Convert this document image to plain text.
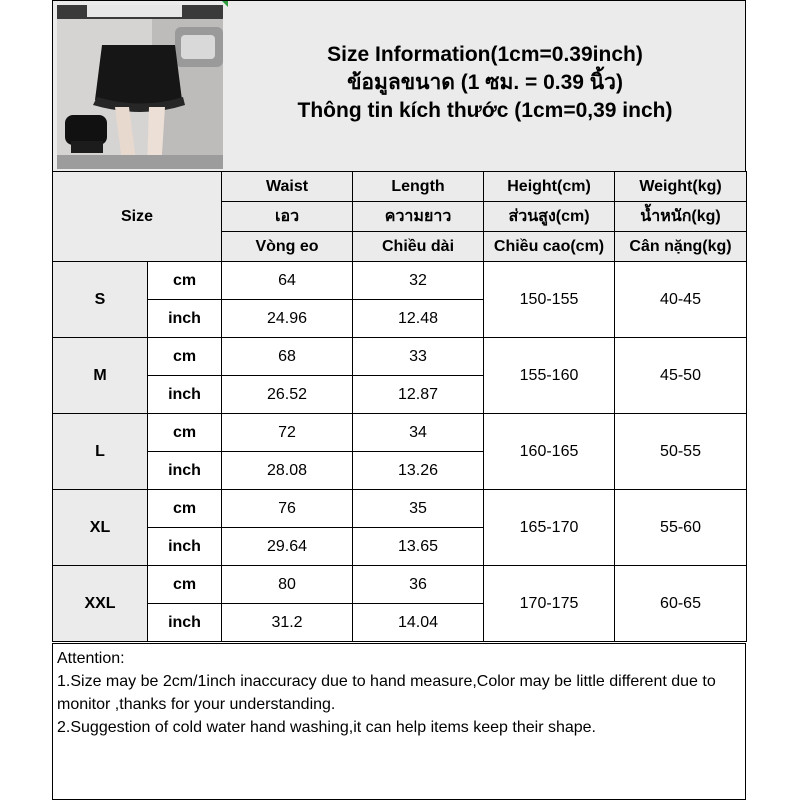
Size Information(1cm=0.39inch)
ข้อมูลขนาด (1 ซม. = 0.39 นิ้ว)
Thông tin kích thước (1cm=0,39 inch)
Size		Waist	Length	Height(cm)	Weight(kg)
		เอว	ความยาว	ส่วนสูง(cm)	น้ำหนัก(kg)
		Vòng eo	Chiều dài	Chiều cao(cm)	Cân nặng(kg)
S	cm	64	32	150-155	40-45
	inch	24.96	12.48		
M	cm	68	33	155-160	45-50
	inch	26.52	12.87		
L	cm	72	34	160-165	50-55
	inch	28.08	13.26		
XL	cm	76	35	165-170	55-60
	inch	29.64	13.65		
XXL	cm	80	36	170-175	60-65
	inch	31.2	14.04		
Attention:
1.Size may be 2cm/1inch inaccuracy due to hand measure,Color may be little different due to monitor ,thanks for your understanding.
2.Suggestion of cold water hand washing,it can help items keep their shape.
